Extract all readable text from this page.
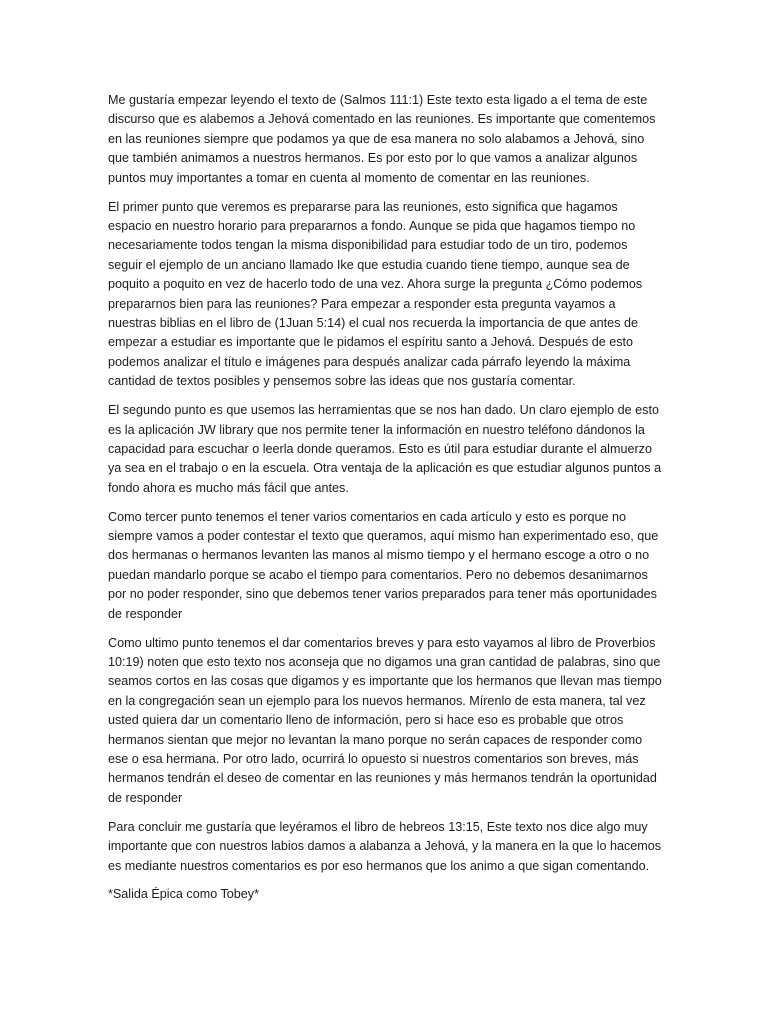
Me gustaría empezar leyendo el texto de (Salmos 111:1) Este texto esta ligado a el tema de este discurso que es alabemos a Jehová comentado en las reuniones. Es importante que comentemos en las reuniones siempre que podamos ya que de esa manera no solo alabamos a Jehová, sino que también animamos a nuestros hermanos. Es por esto por lo que vamos a analizar algunos puntos muy importantes a tomar en cuenta al momento de comentar en las reuniones.

El primer punto que veremos es prepararse para las reuniones, esto significa que hagamos espacio en nuestro horario para prepararnos a fondo. Aunque se pida que hagamos tiempo no necesariamente todos tengan la misma disponibilidad para estudiar todo de un tiro, podemos seguir el ejemplo de un anciano llamado Ike que estudia cuando tiene tiempo, aunque sea de poquito a poquito en vez de hacerlo todo de una vez. Ahora surge la pregunta ¿Cómo podemos prepararnos bien para las reuniones? Para empezar a responder esta pregunta vayamos a nuestras biblias en el libro de (1Juan 5:14) el cual nos recuerda la importancia de que antes de empezar a estudiar es importante que le pidamos el espíritu santo a Jehová. Después de esto podemos analizar el título e imágenes para después analizar cada párrafo leyendo la máxima cantidad de textos posibles y pensemos sobre las ideas que nos gustaría comentar.

El segundo punto es que usemos las herramientas que se nos han dado. Un claro ejemplo de esto es la aplicación JW library que nos permite tener la información en nuestro teléfono dándonos la capacidad para escuchar o leerla donde queramos. Esto es útil para estudiar durante el almuerzo ya sea en el trabajo o en la escuela. Otra ventaja de la aplicación es que estudiar algunos puntos a fondo ahora es mucho más fácil que antes.

Como tercer punto tenemos el tener varios comentarios en cada artículo y esto es porque no siempre vamos a poder contestar el texto que queramos, aquí mismo han experimentado eso, que dos hermanas o hermanos levanten las manos al mismo tiempo y el hermano escoge a otro o no puedan mandarlo porque se acabo el tiempo para comentarios. Pero no debemos desanimarnos por no poder responder, sino que debemos tener varios preparados para tener más oportunidades de responder

Como ultimo punto tenemos el dar comentarios breves y para esto vayamos al libro de Proverbios 10:19) noten que esto texto nos aconseja que no digamos una gran cantidad de palabras, sino que seamos cortos en las cosas que digamos y es importante que los hermanos que llevan mas tiempo en la congregación sean un ejemplo para los nuevos hermanos. Mírenlo de esta manera, tal vez usted quiera dar un comentario lleno de información, pero si hace eso es probable que otros hermanos sientan que mejor no levantan la mano porque no serán capaces de responder como ese o esa hermana. Por otro lado, ocurrirá lo opuesto si nuestros comentarios son breves, más hermanos tendrán el deseo de comentar en las reuniones y más hermanos tendrán la oportunidad de responder

Para concluir me gustaría que leyéramos el libro de hebreos 13:15, Este texto nos dice algo muy importante que con nuestros labios damos a alabanza a Jehová, y la manera en la que lo hacemos es mediante nuestros comentarios es por eso hermanos que los animo a que sigan comentando.

*Salida Épica como Tobey*
